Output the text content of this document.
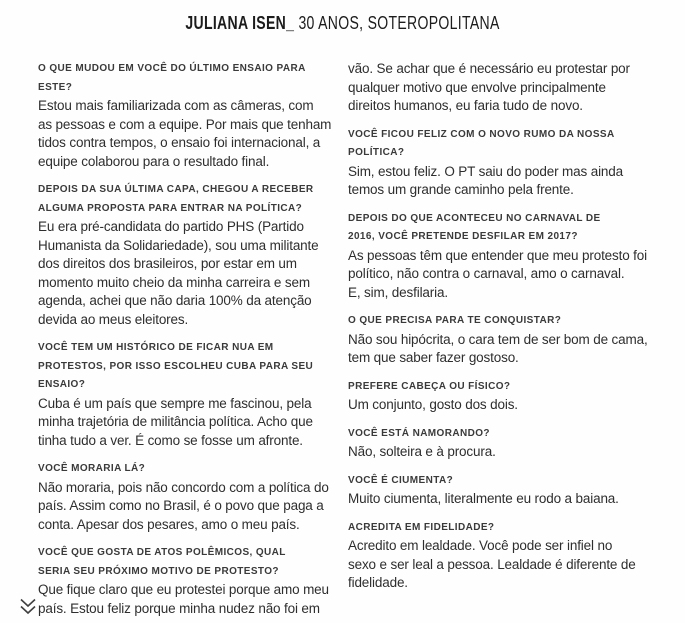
JULIANA ISEN_ 30 ANOS, SOTEROPOLITANA
O QUE MUDOU EM VOCÊ DO ÚLTIMO ENSAIO PARA
ESTE?
Estou mais familiarizada com as câmeras, com
as pessoas e com a equipe. Por mais que tenham
tidos contra tempos, o ensaio foi internacional, a
equipe colaborou para o resultado final.
DEPOIS DA SUA ÚLTIMA CAPA, CHEGOU A RECEBER
ALGUMA PROPOSTA PARA ENTRAR NA POLÍTICA?
Eu era pré-candidata do partido PHS (Partido
Humanista da Solidariedade), sou uma militante
dos direitos dos brasileiros, por estar em um
momento muito cheio da minha carreira e sem
agenda, achei que não daria 100% da atenção
devida ao meus eleitores.
VOCÊ TEM UM HISTÓRICO DE FICAR NUA EM
PROTESTOS, POR ISSO ESCOLHEU CUBA PARA SEU
ENSAIO?
Cuba é um país que sempre me fascinou, pela
minha trajetória de militância política. Acho que
tinha tudo a ver. É como se fosse um afronte.
VOCÊ MORARIA LÁ?
Não moraria, pois não concordo com a política do
país. Assim como no Brasil, é o povo que paga a
conta. Apesar dos pesares, amo o meu país.
VOCÊ QUE GOSTA DE ATOS POLÊMICOS, QUAL
SERIA SEU PRÓXIMO MOTIVO DE PROTESTO?
Que fique claro que eu protestei porque amo meu
país. Estou feliz porque minha nudez não foi em
vão. Se achar que é necessário eu protestar por
qualquer motivo que envolve principalmente
direitos humanos, eu faria tudo de novo.
VOCÊ FICOU FELIZ COM O NOVO RUMO DA NOSSA
POLÍTICA?
Sim, estou feliz. O PT saiu do poder mas ainda
temos um grande caminho pela frente.
DEPOIS DO QUE ACONTECEU NO CARNAVAL DE
2016, VOCÊ PRETENDE DESFILAR EM 2017?
As pessoas têm que entender que meu protesto foi
político, não contra o carnaval, amo o carnaval.
E, sim, desfilaria.
O QUE PRECISA PARA TE CONQUISTAR?
Não sou hipócrita, o cara tem de ser bom de cama,
tem que saber fazer gostoso.
PREFERE CABEÇA OU FÍSICO?
Um conjunto, gosto dos dois.
VOCÊ ESTÁ NAMORANDO?
Não, solteira e à procura.
VOCÊ É CIUMENTA?
Muito ciumenta, literalmente eu rodo a baiana.
ACREDITA EM FIDELIDADE?
Acredito em lealdade. Você pode ser infiel no
sexo e ser leal a pessoa. Lealdade é diferente de
fidelidade.
